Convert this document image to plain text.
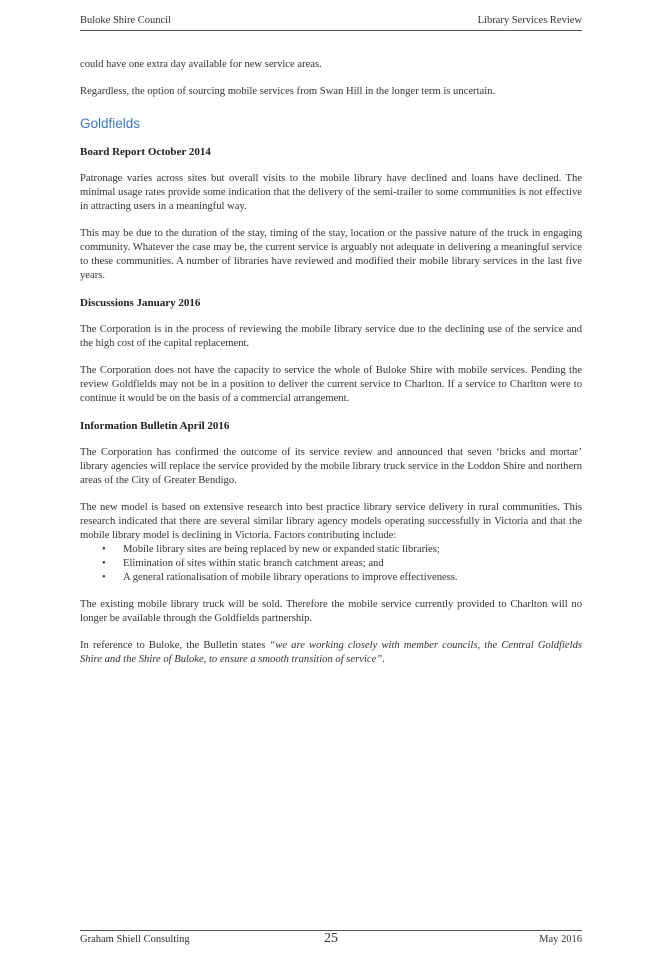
Buloke Shire Council	Library Services Review

could have one extra day available for new service areas.

Regardless, the option of sourcing mobile services from Swan Hill in the longer term is uncertain.

Goldfields
Board Report October 2014

Patronage varies across sites but overall visits to the mobile library have declined and loans have declined. The minimal usage rates provide some indication that the delivery of the semi-trailer to some communities is not effective in attracting users in a meaningful way.

This may be due to the duration of the stay, timing of the stay, location or the passive nature of the truck in engaging community. Whatever the case may be, the current service is arguably not adequate in delivering a meaningful service to these communities. A number of libraries have reviewed and modified their mobile library services in the last five years.

Discussions January 2016

The Corporation is in the process of reviewing the mobile library service due to the declining use of the service and the high cost of the capital replacement.

The Corporation does not have the capacity to service the whole of Buloke Shire with mobile services. Pending the review Goldfields may not be in a position to deliver the current service to Charlton. If a service to Charlton were to continue it would be on the basis of a commercial arrangement.

Information Bulletin April 2016

The Corporation has confirmed the outcome of its service review and announced that seven ‘bricks and mortar’ library agencies will replace the service provided by the mobile library truck service in the Loddon Shire and northern areas of the City of Greater Bendigo.

The new model is based on extensive research into best practice library service delivery in rural communities. This research indicated that there are several similar library agency models operating successfully in Victoria and that the mobile library model is declining in Victoria. Factors contributing include:

• Mobile library sites are being replaced by new or expanded static libraries;
• Elimination of sites within static branch catchment areas; and
• A general rationalisation of mobile library operations to improve effectiveness.

The existing mobile library truck will be sold. Therefore the mobile service currently provided to Charlton will no longer be available through the Goldfields partnership.

In reference to Buloke, the Bulletin states “we are working closely with member councils, the Central Goldfields Shire and the Shire of Buloke, to ensure a smooth transition of service”.

Graham Shiell Consulting	25	May 2016
